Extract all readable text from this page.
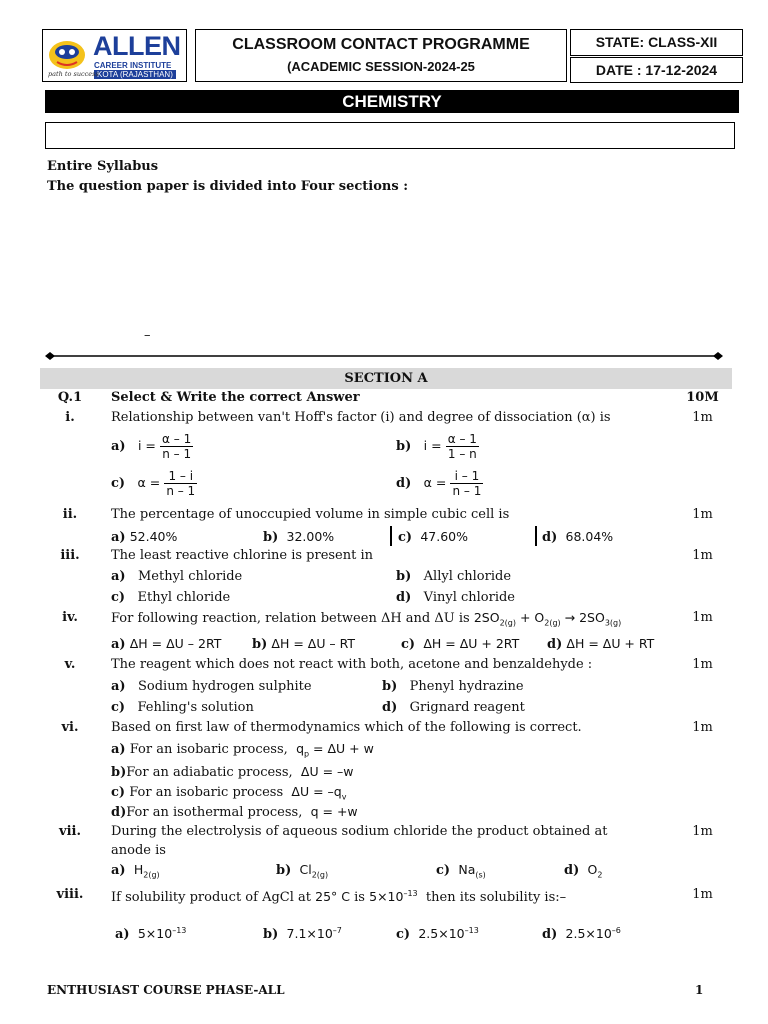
ALLEN
CAREER INSTITUTE
KOTA (RAJASTHAN)
path to success
CLASSROOM CONTACT PROGRAMME
(ACADEMIC SESSION-2024-25
STATE: CLASS-XII
DATE : 17-12-2024
CHEMISTRY
Entire Syllabus
The question paper is divided into Four sections :
–
SECTION A
Q.1	Select & Write the correct Answer	10M
i.	Relationship between van't Hoff's factor (i) and degree of dissociation (α) is	1m
a) $i = \frac{\alpha - 1}{n - 1}$	b) $i = \frac{\alpha - 1}{1 - n}$
c) $\alpha = \frac{1 - i}{n - 1}$	d) $\alpha = \frac{i - 1}{n - 1}$
ii.	The percentage of unoccupied volume in simple cubic cell is	1m
a) 52.40%	b) 32.00%	c) 47.60%	d) 68.04%
iii.	The least reactive chlorine is present in	1m
a) Methyl chloride	b) Allyl chloride
c) Ethyl chloride	d) Vinyl chloride
iv.	For following reaction, relation between ΔH and ΔU is $2SO_{2(g)} + O_{2(g)} \to 2SO_{3(g)}$	1m
a) ΔH = ΔU – 2RT b) ΔH = ΔU – RT	c) ΔH = ΔU + 2RT d) ΔH = ΔU + RT
v.	The reagent which does not react with both, acetone and benzaldehyde :	1m
a) Sodium hydrogen sulphite	b) Phenyl hydrazine
c) Fehling's solution	d) Grignard reagent
vi.	Based on first law of thermodynamics which of the following is correct.	1m
a) For an isobaric process, $q_p = \Delta U + w$
b)For an adiabatic process, ΔU = –w
c) For an isobaric process $\Delta U = -q_v$
d)For an isothermal process, q = +w
vii.	During the electrolysis of aqueous sodium chloride the product obtained at
anode is
1m
a) $H_{2(g)}$	b) $Cl_{2(g)}$	c) $Na_{(s)}$	d) $O_2$
viii.	If solubility product of AgCl at 25° C is $5\times 10^{-13}$ then its solubility is:–	1m
a) $5\times 10^{-13}$	b) $7.1\times 10^{-7}$	c) $2.5\times 10^{-13}$	d) $2.5\times 10^{-6}$
ENTHUSIAST COURSE PHASE-ALL	1
